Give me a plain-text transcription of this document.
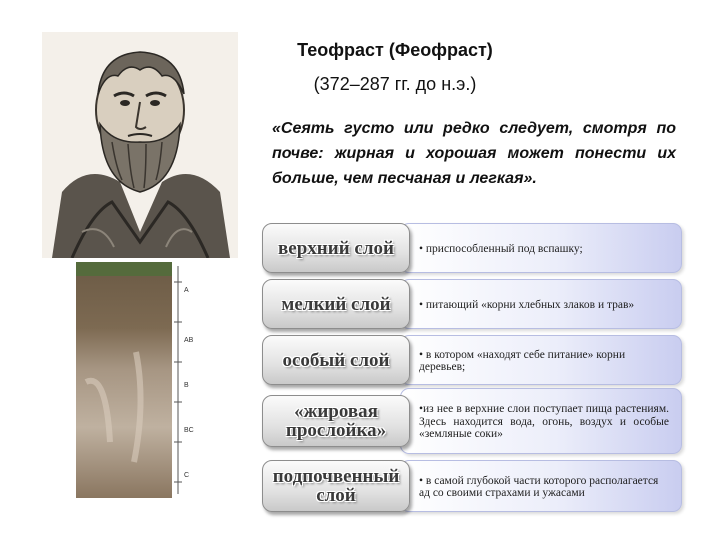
A
AB
B
BC
C
Теофраст (Феофраст)
(372–287 гг. до н.э.)
«Сеять густо или редко следует, смотря по почве: жирная и хорошая может понести их больше, чем песчаная и легкая».
• приспособленный под вспашку;
верхний слой
• питающий «корни хлебных злаков и трав»
мелкий слой
• в котором «находят себе питание» корни деревьев;
особый слой
•из нее в верхние слои поступает пища растениям. Здесь находится вода, огонь, воздух и особые «земляные соки»
«жировая прослойка»
• в самой глубокой части которого располагается ад со своими страхами и ужасами
подпочвенный слой
